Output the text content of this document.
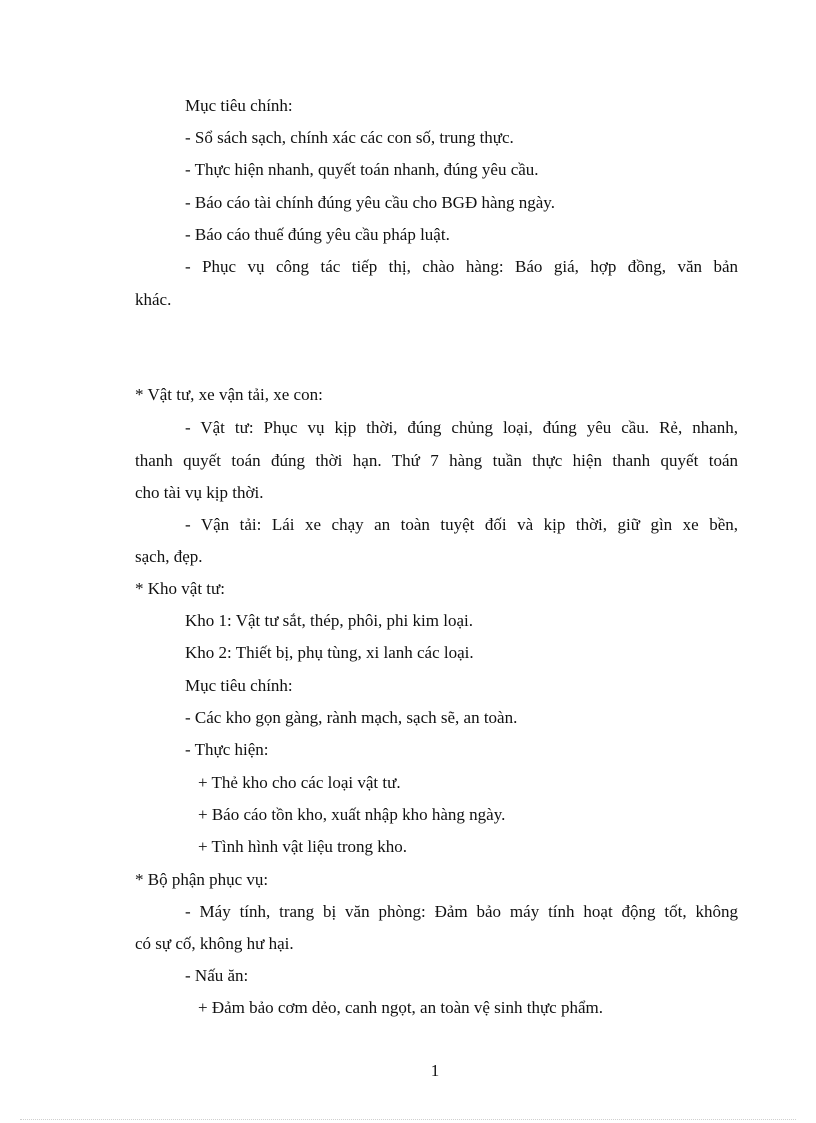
Mục tiêu chính:

- Sổ sách sạch, chính xác các con số, trung thực.

- Thực hiện nhanh, quyết toán nhanh, đúng yêu cầu.

- Báo cáo tài chính đúng yêu cầu cho BGĐ hàng ngày.

- Báo cáo thuế đúng yêu cầu pháp luật.

- Phục vụ công tác tiếp thị, chào hàng: Báo giá, hợp đồng, văn bản

khác.

* Vật tư, xe vận tải, xe con:

- Vật tư: Phục vụ kịp thời, đúng chủng loại, đúng yêu cầu. Rẻ, nhanh,

thanh quyết toán đúng thời hạn. Thứ 7 hàng tuần thực hiện thanh quyết toán

cho tài vụ kịp thời.

- Vận tải: Lái xe chạy an toàn tuyệt đối và kịp thời, giữ gìn xe bền,

sạch, đẹp.

* Kho vật tư:

Kho 1: Vật tư sắt, thép, phôi, phi kim loại.

Kho 2: Thiết bị, phụ tùng, xi lanh các loại.

Mục tiêu chính:

- Các kho gọn gàng, rành mạch, sạch sẽ, an toàn.

- Thực hiện:

+ Thẻ kho cho các loại vật tư.

+ Báo cáo tồn kho, xuất nhập kho hàng ngày.

+ Tình hình vật liệu trong kho.

* Bộ phận phục vụ:

- Máy tính, trang bị văn phòng: Đảm bảo máy tính hoạt động tốt, không

có sự cố, không hư hại.

- Nấu ăn:

+ Đảm bảo cơm dẻo, canh ngọt, an toàn vệ sinh thực phẩm.

1
